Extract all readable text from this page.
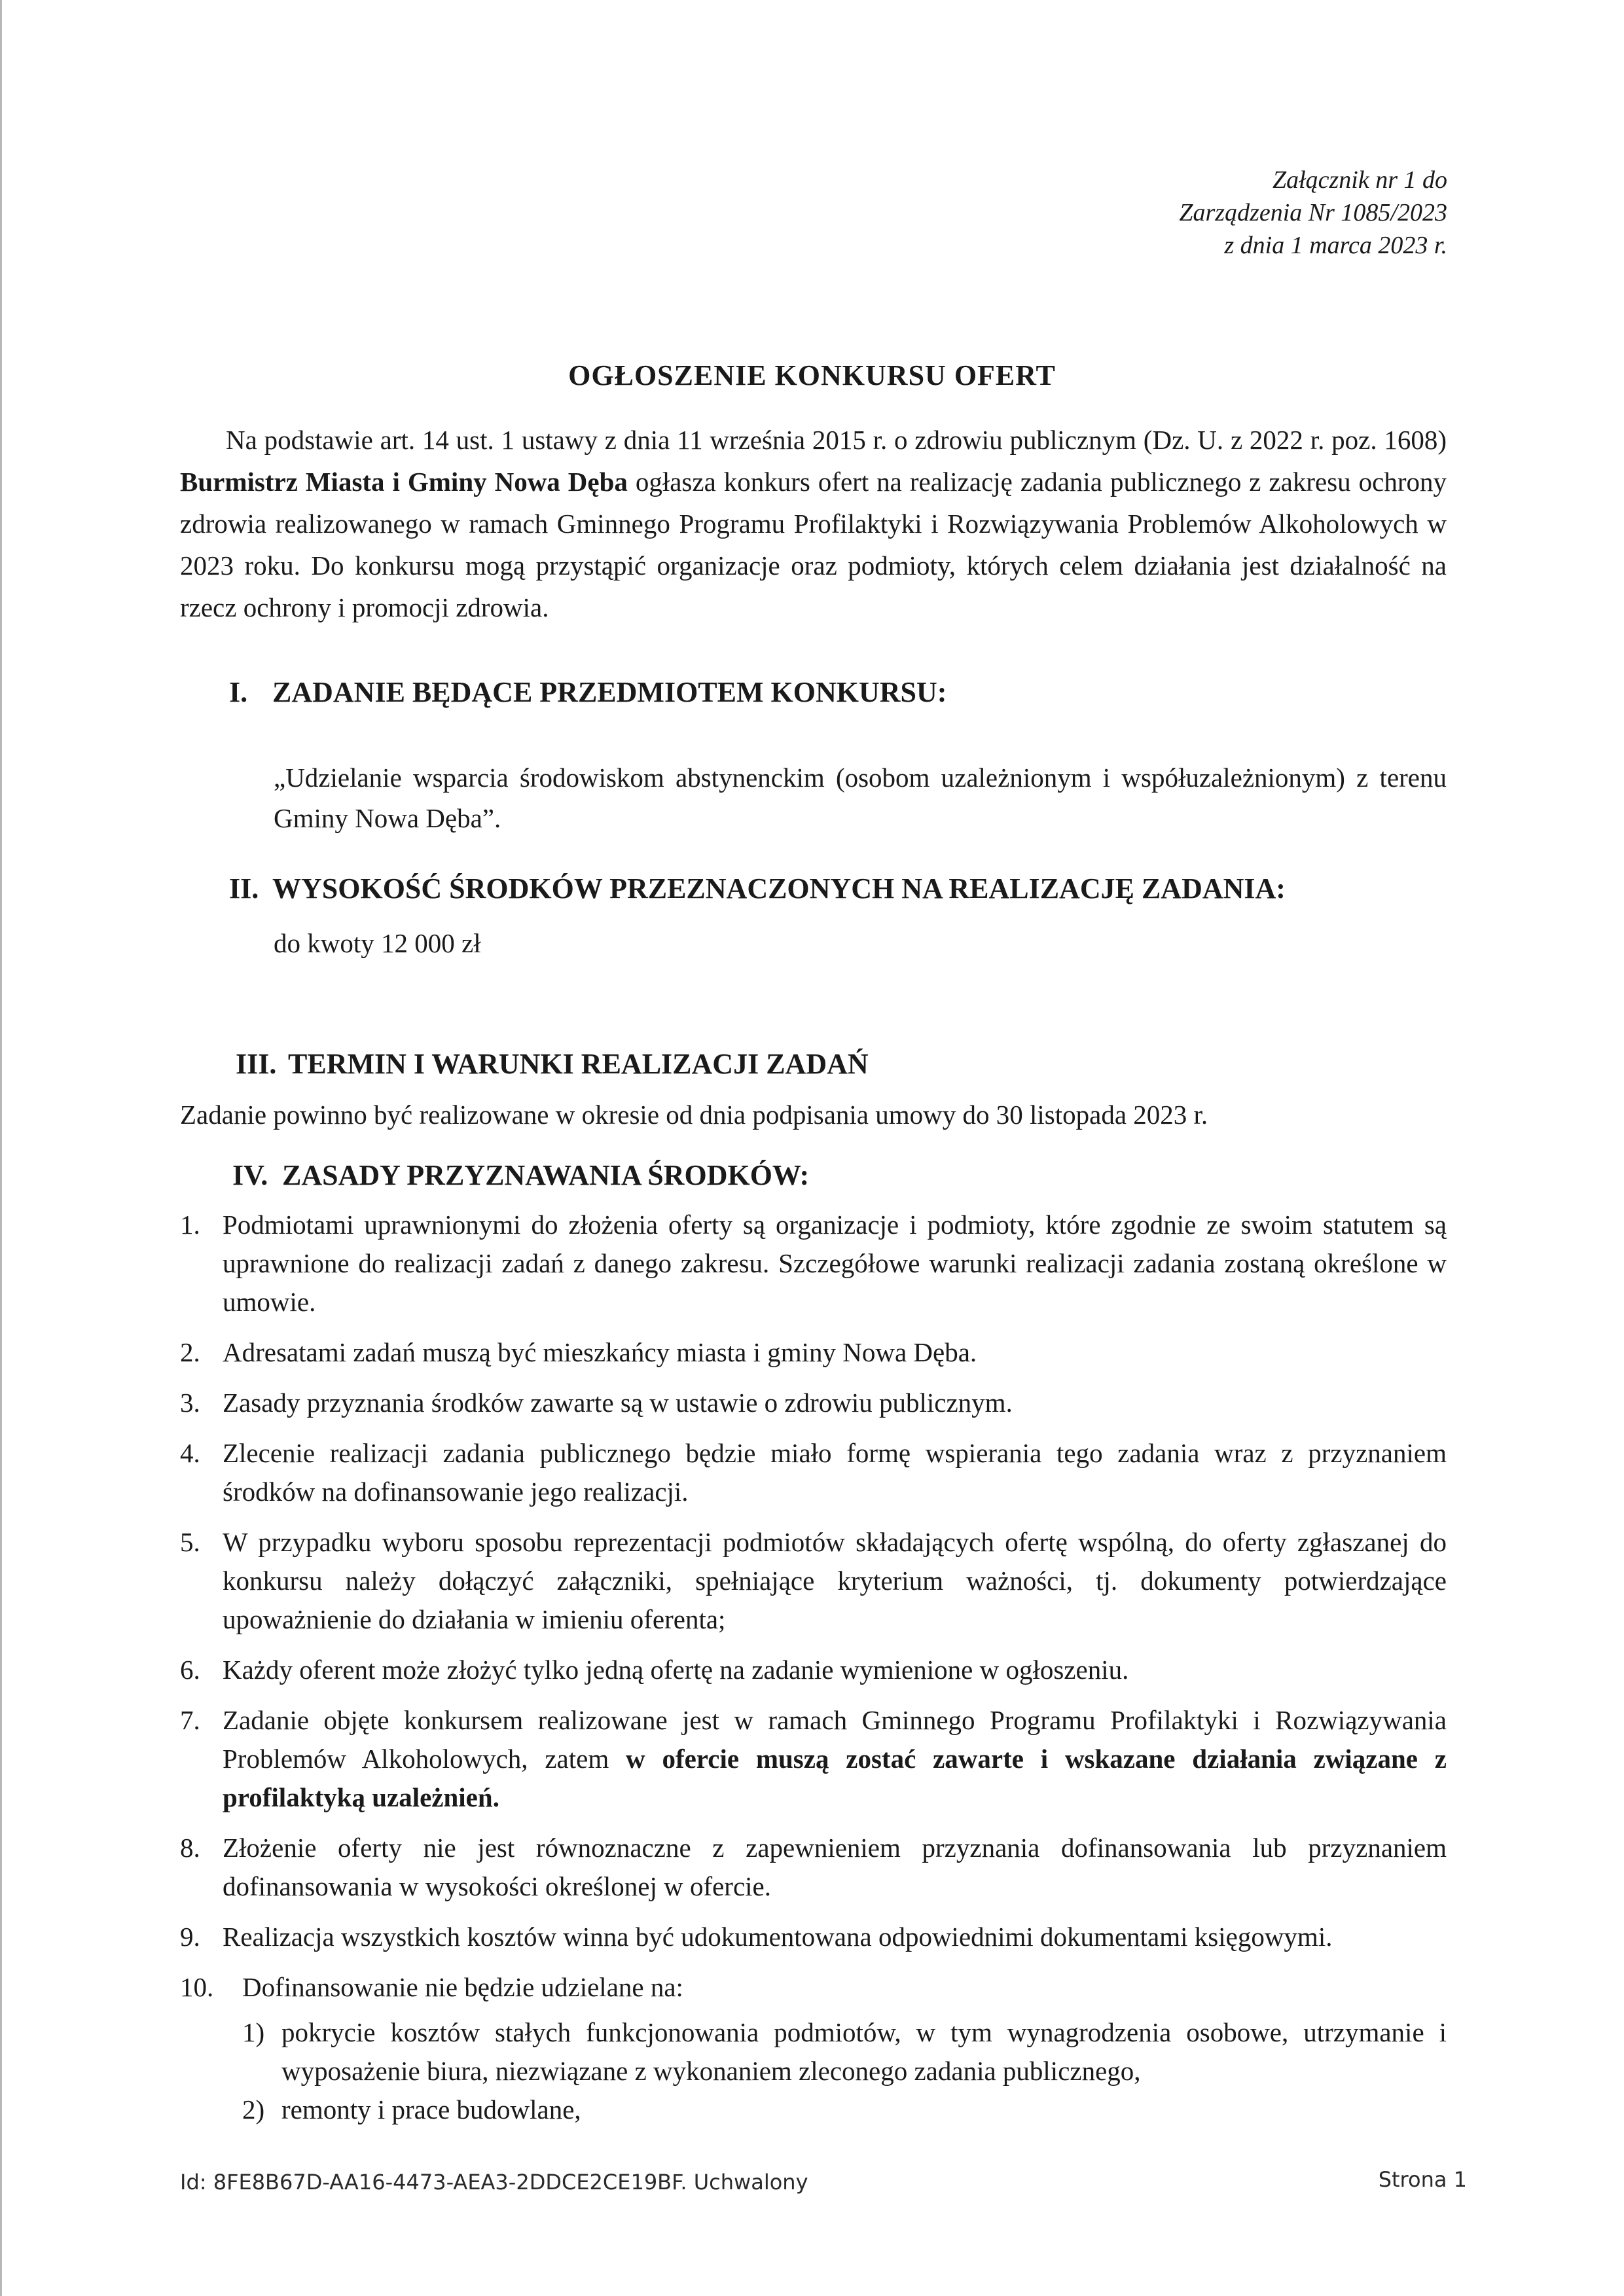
Załącznik nr 1 do
Zarządzenia Nr 1085/2023
z dnia 1 marca 2023 r.
OGŁOSZENIE KONKURSU OFERT
Na podstawie art. 14 ust. 1 ustawy z dnia 11 września 2015 r. o zdrowiu publicznym (Dz. U. z 2022 r. poz. 1608) Burmistrz Miasta i Gminy Nowa Dęba ogłasza konkurs ofert na realizację zadania publicznego z zakresu ochrony zdrowia realizowanego w ramach Gminnego Programu Profilaktyki i Rozwiązywania Problemów Alkoholowych w 2023 roku. Do konkursu mogą przystąpić organizacje oraz podmioty, których celem działania jest działalność na rzecz ochrony i promocji zdrowia.
I. ZADANIE BĘDĄCE PRZEDMIOTEM KONKURSU:
„Udzielanie wsparcia środowiskom abstynenckim (osobom uzależnionym i współuzależnionym) z terenu Gminy Nowa Dęba”.
II. WYSOKOŚĆ ŚRODKÓW PRZEZNACZONYCH NA REALIZACJĘ ZADANIA:
do kwoty 12 000 zł
III. TERMIN I WARUNKI REALIZACJI ZADAŃ
Zadanie powinno być realizowane w okresie od dnia podpisania umowy do 30 listopada 2023 r.
IV. ZASADY PRZYZNAWANIA ŚRODKÓW:
1. Podmiotami uprawnionymi do złożenia oferty są organizacje i podmioty, które zgodnie ze swoim statutem są uprawnione do realizacji zadań z danego zakresu. Szczegółowe warunki realizacji zadania zostaną określone w umowie.
2. Adresatami zadań muszą być mieszkańcy miasta i gminy Nowa Dęba.
3. Zasady przyznania środków zawarte są w ustawie o zdrowiu publicznym.
4. Zlecenie realizacji zadania publicznego będzie miało formę wspierania tego zadania wraz z przyznaniem środków na dofinansowanie jego realizacji.
5. W przypadku wyboru sposobu reprezentacji podmiotów składających ofertę wspólną, do oferty zgłaszanej do konkursu należy dołączyć załączniki, spełniające kryterium ważności, tj. dokumenty potwierdzające upoważnienie do działania w imieniu oferenta;
6. Każdy oferent może złożyć tylko jedną ofertę na zadanie wymienione w ogłoszeniu.
7. Zadanie objęte konkursem realizowane jest w ramach Gminnego Programu Profilaktyki i Rozwiązywania Problemów Alkoholowych, zatem w ofercie muszą zostać zawarte i wskazane działania związane z profilaktyką uzależnień.
8. Złożenie oferty nie jest równoznaczne z zapewnieniem przyznania dofinansowania lub przyznaniem dofinansowania w wysokości określonej w ofercie.
9. Realizacja wszystkich kosztów winna być udokumentowana odpowiednimi dokumentami księgowymi.
10. Dofinansowanie nie będzie udzielane na:
1) pokrycie kosztów stałych funkcjonowania podmiotów, w tym wynagrodzenia osobowe, utrzymanie i wyposażenie biura, niezwiązane z wykonaniem zleconego zadania publicznego,
2) remonty i prace budowlane,
Id: 8FE8B67D-AA16-4473-AEA3-2DDCE2CE19BF. Uchwalony	Strona 1
